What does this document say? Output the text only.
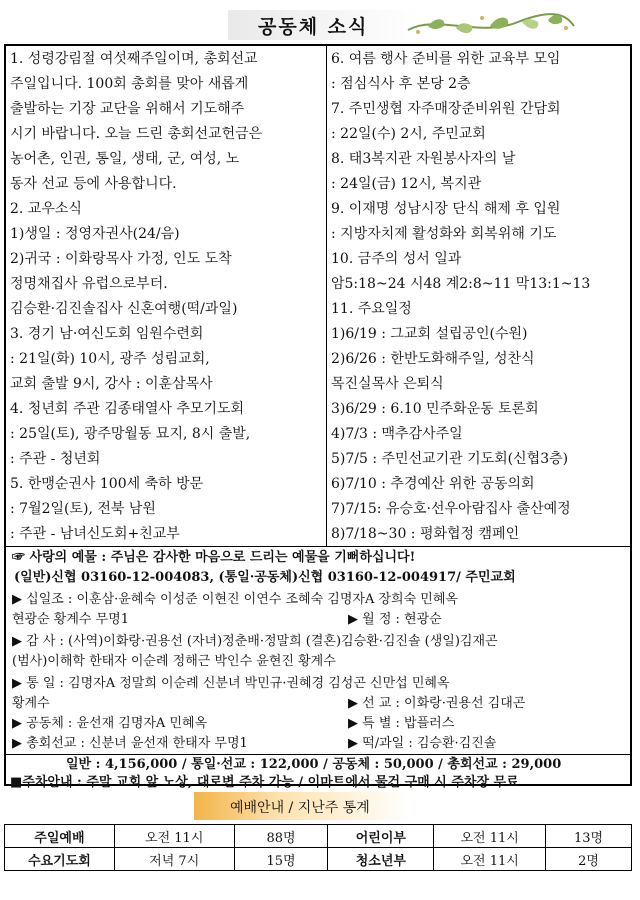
공동체 소식
1. 성령강림절 여섯째주일이며, 총회선교
주일입니다. 100회 총회를 맞아 새롭게
출발하는 기장 교단을 위해서 기도해주
시기 바랍니다. 오늘 드린 총회선교헌금은
농어촌, 인권, 통일, 생태, 군, 여성, 노
동자 선교 등에 사용합니다.
2. 교우소식
1)생일 : 정영자권사(24/음)
2)귀국 : 이화랑목사 가정, 인도 도착
정명채집사 유럽으로부터.
김승환·김진솔집사 신혼여행(떡/과일)
3. 경기 남·여신도회 임원수련회
: 21일(화) 10시, 광주 성림교회,
교회 출발 9시, 강사 : 이훈삼목사
4. 청년회 주관 김종태열사 추모기도회
: 25일(토), 광주망월동 묘지, 8시 출발,
: 주관 - 청년회
5. 한맹순권사 100세 축하 방문
: 7월2일(토), 전북 남원
: 주관 - 남녀신도회+친교부
6. 여름 행사 준비를 위한 교육부 모임
: 점심식사 후 본당 2층
7. 주민생협 자주매장준비위원 간담회
: 22일(수) 2시, 주민교회
8. 태3복지관 자원봉사자의 날
: 24일(금) 12시, 복지관
9. 이재명 성남시장 단식 해제 후 입원
: 지방자치제 활성화와 회복위해 기도
10. 금주의 성서 일과
암5:18~24 시48 계2:8~11 막13:1~13
11. 주요일정
1)6/19 : 그교회 설립공인(수원)
2)6/26 : 한반도화해주일, 성찬식
목진실목사 은퇴식
3)6/29 : 6.10 민주화운동 토론회
4)7/3 : 맥추감사주일
5)7/5 : 주민선교기관 기도회(신협3층)
6)7/10 : 추경예산 위한 공동의회
7)7/15: 유승호·선우아람집사 출산예정
8)7/18~30 : 평화협정 캠페인
☞ 사랑의 예물 : 주님은 감사한 마음으로 드리는 예물을 기뻐하십니다!
(일반)신협 03160-12-004083, (통일·공동체)신협 03160-12-004917/ 주민교회
▶ 십일조 : 이훈삼·윤혜숙 이성준 이현진 이연수 조혜숙 김명자A 장희숙 민혜옥
현광순 황계수 무명1
▶ 감 사 : (사역)이화랑·권용선 (자녀)정춘배·정말희 (결혼)김승환·김진솔 (생일)김재곤
(범사)이해학 한태자 이순례 정해근 박인수 윤현진 황계수
▶ 통 일 : 김명자A 정말희 이순례 신분녀 박민규·권혜경 김성곤 신만섭 민혜옥
황계수
▶ 공동체 : 윤선재 김명자A 민혜옥
▶ 총회선교 : 신분녀 윤선재 한태자 무명1
▶ 월 정 : 현광순
▶ 선 교 : 이화랑·권용선 김대곤
▶ 특 별 : 밥플러스
▶ 떡/과일 : 김승환·김진솔
일반 : 4,156,000 / 통일·선교 : 122,000 / 공동체 : 50,000 / 총회선교 : 29,000
■주차안내 : 주말 교회 앞 노상, 대로변 주차 가능 / 이마트에서 물건 구매 시 주차장 무료
예배안내 / 지난주 통계
주일예배	오전 11시	88명	어린이부	오전 11시	13명
수요기도회	저녁 7시	15명	청소년부	오전 11시	2명
